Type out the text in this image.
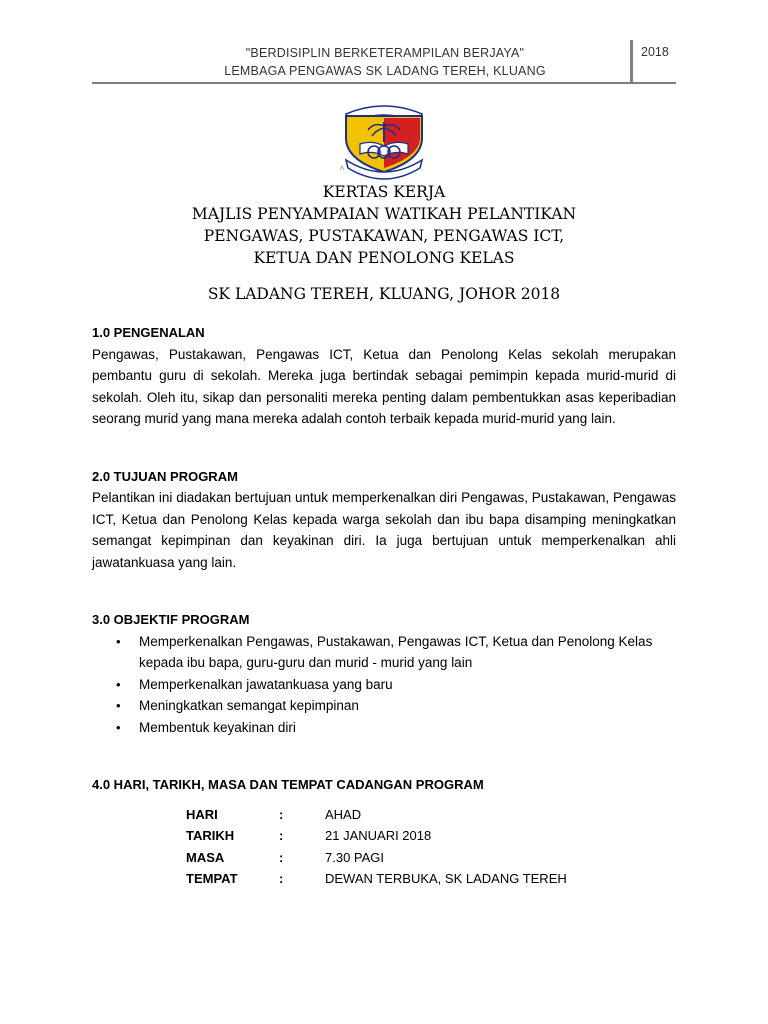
"BERDISIPLIN BERKETERAMPILAN BERJAYA"
LEMBAGA PENGAWAS SK LADANG TEREH, KLUANG
2018
KERTAS KERJA
MAJLIS PENYAMPAIAN WATIKAH PELANTIKAN
PENGAWAS, PUSTAKAWAN, PENGAWAS ICT,
KETUA DAN PENOLONG KELAS
SK LADANG TEREH, KLUANG, JOHOR 2018
1.0 PENGENALAN

Pengawas, Pustakawan, Pengawas ICT, Ketua dan Penolong Kelas sekolah merupakan pembantu guru di sekolah. Mereka juga bertindak sebagai pemimpin kepada murid-murid di sekolah. Oleh itu, sikap dan personaliti mereka penting dalam pembentukkan asas keperibadian seorang murid yang mana mereka adalah contoh terbaik kepada murid-murid yang lain.

2.0 TUJUAN PROGRAM

Pelantikan ini diadakan bertujuan untuk memperkenalkan diri Pengawas, Pustakawan, Pengawas ICT, Ketua dan Penolong Kelas kepada warga sekolah dan ibu bapa disamping meningkatkan semangat kepimpinan dan keyakinan diri. Ia juga bertujuan untuk memperkenalkan ahli jawatankuasa yang lain.

3.0 OBJEKTIF PROGRAM
• Memperkenalkan Pengawas, Pustakawan, Pengawas ICT, Ketua dan Penolong Kelas kepada ibu bapa, guru-guru dan murid - murid yang lain
• Memperkenalkan jawatankuasa yang baru
• Meningkatkan semangat kepimpinan
• Membentuk keyakinan diri
4.0 HARI, TARIKH, MASA DAN TEMPAT CADANGAN PROGRAM
HARI	:	AHAD
TARIKH	:	21 JANUARI 2018
MASA	:	7.30 PAGI
TEMPAT	:	DEWAN TERBUKA, SK LADANG TEREH
